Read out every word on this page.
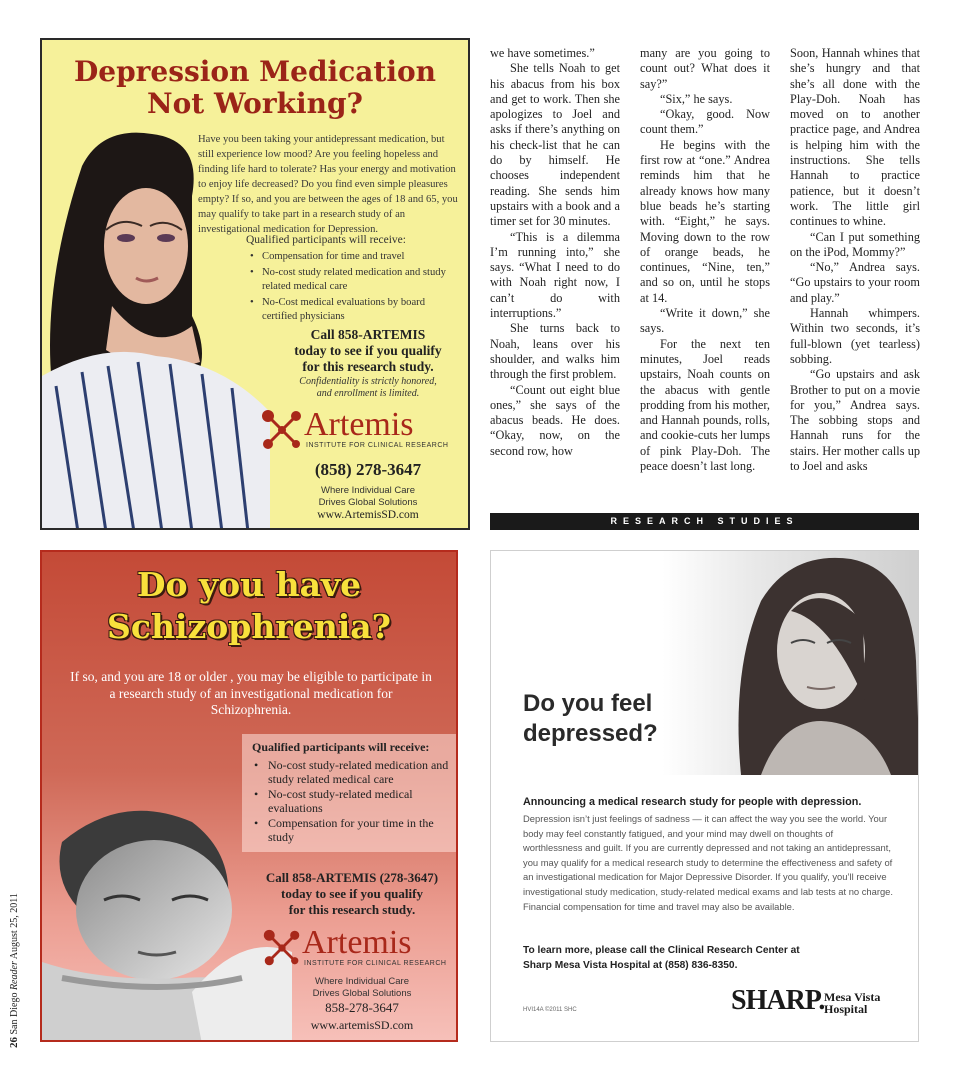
Depression Medication
Not Working?
Have you been taking your antidepressant medication, but still experience low mood? Are you feeling hopeless and finding life hard to tolerate? Has your energy and motivation to enjoy life decreased? Do you find even simple pleasures empty? If so, and you are between the ages of 18 and 65, you may qualify to take part in a research study of an investigational medication for Depression.
Qualified participants will receive:
• Compensation for time and travel
• No-cost study related medication and study related medical care
• No-Cost medical evaluations by board certified physicians
Call 858-ARTEMIS
today to see if you qualify
for this research study.
Confidentiality is strictly honored,
and enrollment is limited.
Artemis
INSTITUTE FOR CLINICAL RESEARCH
(858) 278-3647
Where Individual Care
Drives Global Solutions
www.ArtemisSD.com

we have sometimes.”

She tells Noah to get his abacus from his box and get to work. Then she apologizes to Joel and asks if there’s anything on his check-list that he can do by himself. He chooses independent reading. She sends him upstairs with a book and a timer set for 30 minutes.

“This is a dilemma I’m running into,” she says. “What I need to do with Noah right now, I can’t do with interruptions.”

She turns back to Noah, leans over his shoulder, and walks him through the first problem.

“Count out eight blue ones,” she says of the abacus beads. He does. “Okay, now, on the second row, how

many are you going to count out? What does it say?”

“Six,” he says.

“Okay, good. Now count them.”

He begins with the first row at “one.” Andrea reminds him that he already knows how many blue beads he’s starting with. “Eight,” he says. Moving down to the row of orange beads, he continues, “Nine, ten,” and so on, until he stops at 14.

“Write it down,” she says.

For the next ten minutes, Joel reads upstairs, Noah counts on the abacus with gentle prodding from his mother, and Hannah pounds, rolls, and cookie-cuts her lumps of pink Play-Doh. The peace doesn’t last long.

Soon, Hannah whines that she’s hungry and that she’s all done with the Play-Doh. Noah has moved on to another practice page, and Andrea is helping him with the instructions. She tells Hannah to practice patience, but it doesn’t work. The little girl continues to whine.

“Can I put something on the iPod, Mommy?”

“No,” Andrea says. “Go upstairs to your room and play.”

Hannah whimpers. Within two seconds, it’s full-blown (yet tearless) sobbing.

“Go upstairs and ask Brother to put on a movie for you,” Andrea says. The sobbing stops and Hannah runs for the stairs. Her mother calls up to Joel and asks

RESEARCH STUDIES
Do you have
Schizophrenia?
If so, and you are 18 or older , you may be eligible to participate in a research study of an investigational medication for Schizophrenia.
Qualified participants will receive:
• No-cost study-related medication and study related medical care
• No-cost study-related medical evaluations
• Compensation for your time in the study
Call 858-ARTEMIS (278-3647)
today to see if you qualify
for this research study.
Artemis
INSTITUTE FOR CLINICAL RESEARCH
Where Individual Care
Drives Global Solutions
858-278-3647
www.artemisSD.com
26 San Diego Reader August 25, 2011
Do you feel
depressed?
Announcing a medical research study for people with depression.
Depression isn’t just feelings of sadness — it can affect the way you see the world. Your body may feel constantly fatigued, and your mind may dwell on thoughts of worthlessness and guilt. If you are currently depressed and not taking an antidepressant, you may qualify for a medical research study to determine the effectiveness and safety of an investigational medication for Major Depressive Disorder. If you qualify, you’ll receive investigational study medication, study-related medical exams and lab tests at no charge. Financial compensation for time and travel may also be available.
To learn more, please call the Clinical Research Center at
Sharp Mesa Vista Hospital at (858) 836-8350.
HVI14A ©2011 SHC	SHARP. Mesa Vista
Hospital
